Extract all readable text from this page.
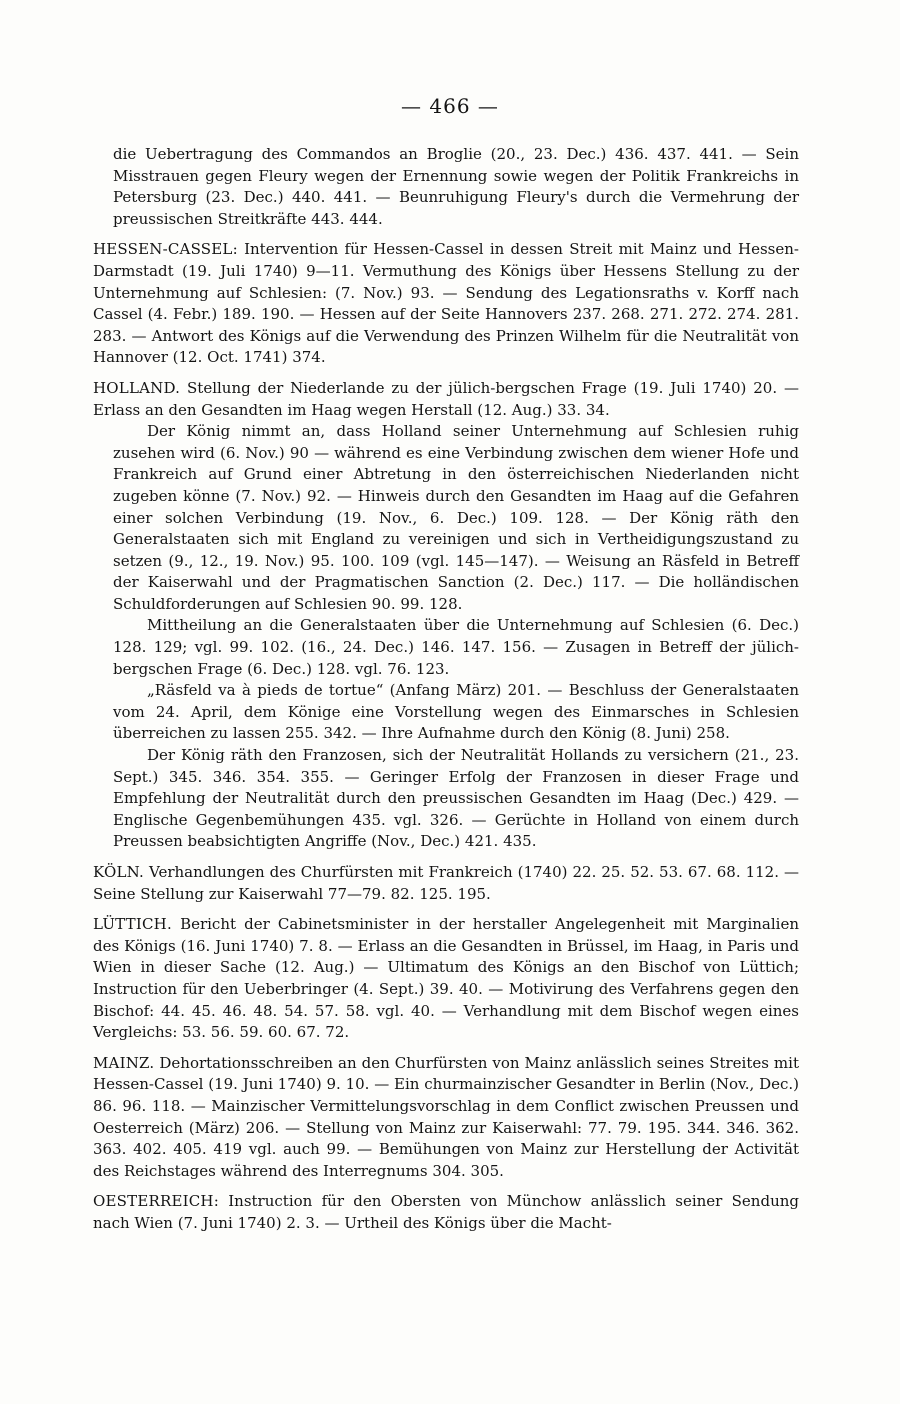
— 466 —

die Uebertragung des Commandos an Broglie (20., 23. Dec.) 436. 437. 441. — Sein Misstrauen gegen Fleury wegen der Ernennung sowie wegen der Politik Frankreichs in Petersburg (23. Dec.) 440. 441. — Beunruhigung Fleury's durch die Vermehrung der preussischen Streitkräfte 443. 444.

HESSEN-CASSEL: Intervention für Hessen-Cassel in dessen Streit mit Mainz und Hessen-Darmstadt (19. Juli 1740) 9—11. Vermuthung des Königs über Hessens Stellung zu der Unternehmung auf Schlesien: (7. Nov.) 93. — Sendung des Legationsraths v. Korff nach Cassel (4. Febr.) 189. 190. — Hessen auf der Seite Hannovers 237. 268. 271. 272. 274. 281. 283. — Antwort des Königs auf die Verwendung des Prinzen Wilhelm für die Neutralität von Hannover (12. Oct. 1741) 374.

HOLLAND. Stellung der Niederlande zu der jülich-bergschen Frage (19. Juli 1740) 20. — Erlass an den Gesandten im Haag wegen Herstall (12. Aug.) 33. 34.

Der König nimmt an, dass Holland seiner Unternehmung auf Schlesien ruhig zusehen wird (6. Nov.) 90 — während es eine Verbindung zwischen dem wiener Hofe und Frankreich auf Grund einer Abtretung in den österreichischen Niederlanden nicht zugeben könne (7. Nov.) 92. — Hinweis durch den Gesandten im Haag auf die Gefahren einer solchen Verbindung (19. Nov., 6. Dec.) 109. 128. — Der König räth den Generalstaaten sich mit England zu vereinigen und sich in Vertheidigungszustand zu setzen (9., 12., 19. Nov.) 95. 100. 109 (vgl. 145—147). — Weisung an Räsfeld in Betreff der Kaiserwahl und der Pragmatischen Sanction (2. Dec.) 117. — Die holländischen Schuldforderungen auf Schlesien 90. 99. 128.

Mittheilung an die Generalstaaten über die Unternehmung auf Schlesien (6. Dec.) 128. 129; vgl. 99. 102. (16., 24. Dec.) 146. 147. 156. — Zusagen in Betreff der jülich-bergschen Frage (6. Dec.) 128. vgl. 76. 123.

„Räsfeld va à pieds de tortue“ (Anfang März) 201. — Beschluss der Generalstaaten vom 24. April, dem Könige eine Vorstellung wegen des Einmarsches in Schlesien überreichen zu lassen 255. 342. — Ihre Aufnahme durch den König (8. Juni) 258.

Der König räth den Franzosen, sich der Neutralität Hollands zu versichern (21., 23. Sept.) 345. 346. 354. 355. — Geringer Erfolg der Franzosen in dieser Frage und Empfehlung der Neutralität durch den preussischen Gesandten im Haag (Dec.) 429. — Englische Gegenbemühungen 435. vgl. 326. — Gerüchte in Holland von einem durch Preussen beabsichtigten Angriffe (Nov., Dec.) 421. 435.

KÖLN. Verhandlungen des Churfürsten mit Frankreich (1740) 22. 25. 52. 53. 67. 68. 112. — Seine Stellung zur Kaiserwahl 77—79. 82. 125. 195.

LÜTTICH. Bericht der Cabinetsminister in der herstaller Angelegenheit mit Marginalien des Königs (16. Juni 1740) 7. 8. — Erlass an die Gesandten in Brüssel, im Haag, in Paris und Wien in dieser Sache (12. Aug.) — Ultimatum des Königs an den Bischof von Lüttich; Instruction für den Ueberbringer (4. Sept.) 39. 40. — Motivirung des Verfahrens gegen den Bischof: 44. 45. 46. 48. 54. 57. 58. vgl. 40. — Verhandlung mit dem Bischof wegen eines Vergleichs: 53. 56. 59. 60. 67. 72.

MAINZ. Dehortationsschreiben an den Churfürsten von Mainz anlässlich seines Streites mit Hessen-Cassel (19. Juni 1740) 9. 10. — Ein churmainzischer Gesandter in Berlin (Nov., Dec.) 86. 96. 118. — Mainzischer Vermittelungsvorschlag in dem Conflict zwischen Preussen und Oesterreich (März) 206. — Stellung von Mainz zur Kaiserwahl: 77. 79. 195. 344. 346. 362. 363. 402. 405. 419 vgl. auch 99. — Bemühungen von Mainz zur Herstellung der Activität des Reichstages während des Interregnums 304. 305.

OESTERREICH: Instruction für den Obersten von Münchow anlässlich seiner Sendung nach Wien (7. Juni 1740) 2. 3. — Urtheil des Königs über die Macht-
